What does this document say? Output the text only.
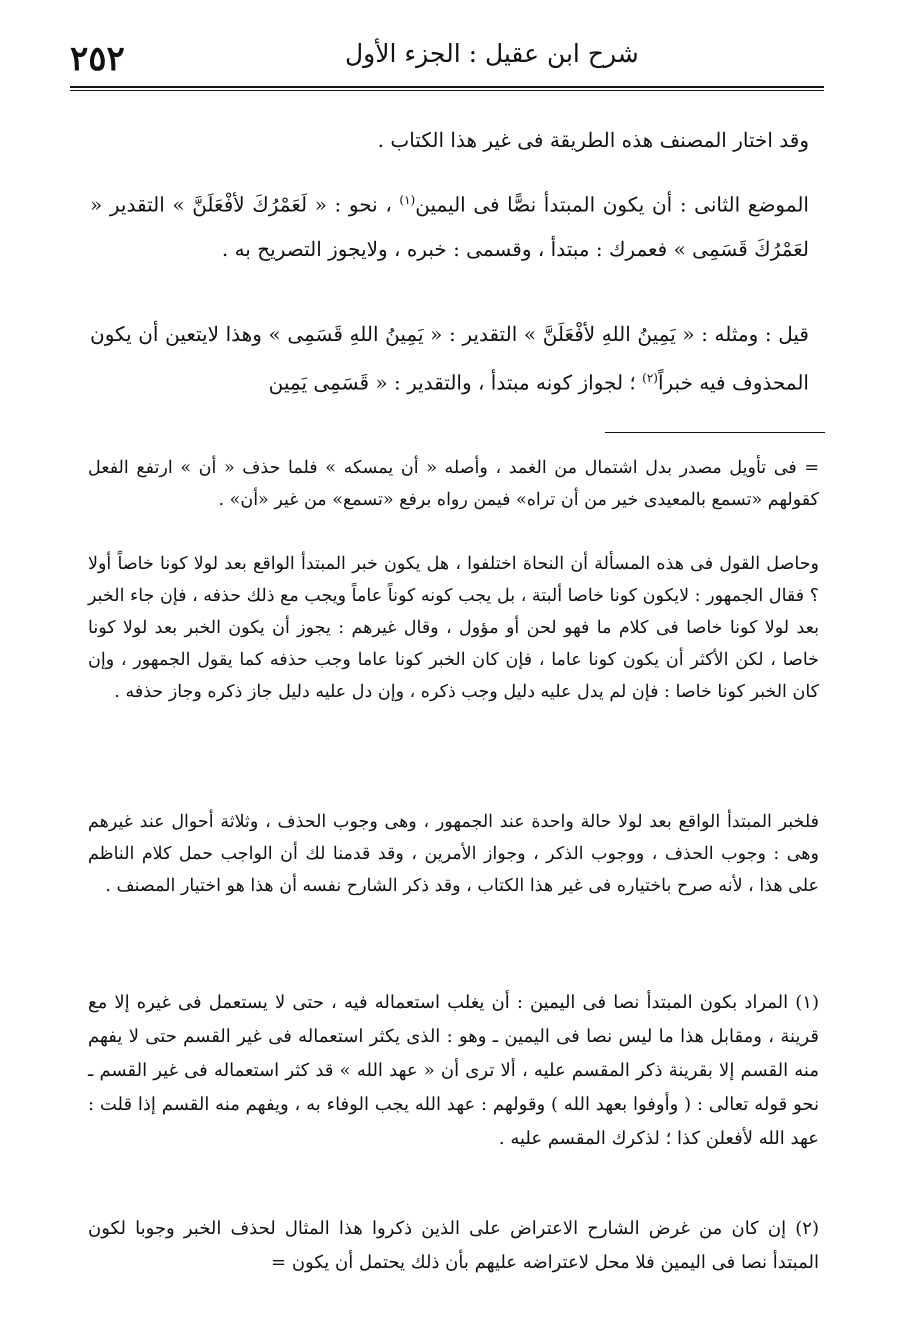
٢٥٢	شرح ابن عقيل : الجزء الأول
وقد اختار المصنف هذه الطريقة فى غير هذا الكتاب .
الموضع الثانى : أن يكون المبتدأ نصًّا فى اليمين$^{(١)}$ ، نحو : « لَعَمْرُكَ لأفْعَلَنَّ » التقدير « لعَمْرُكَ قَسَمِى » فعمرك : مبتدأ ، وقسمى : خبره ، ولايجوز التصريح به .
قيل : ومثله : « يَمِينُ اللهِ لأفْعَلَنَّ » التقدير : « يَمِينُ اللهِ قَسَمِى » وهذا لايتعين أن يكون المحذوف فيه خبراً$^{(٢)}$ ؛ لجواز كونه مبتدأ ، والتقدير : « قَسَمِى يَمِين
= فى تأويل مصدر بدل اشتمال من الغمد ، وأصله « أن يمسكه » فلما حذف « أن » ارتفع الفعل كقولهم «تسمع بالمعيدى خير من أن تراه» فيمن رواه برفع «تسمع» من غير «أن» .
وحاصل القول فى هذه المسألة أن النحاة اختلفوا ، هل يكون خبر المبتدأ الواقع بعد لولا كونا خاصاً أولا ؟ فقال الجمهور : لايكون كونا خاصا ألبتة ، بل يجب كونه كوناً عاماً ويجب مع ذلك حذفه ، فإن جاء الخبر بعد لولا كونا خاصا فى كلام ما فهو لحن أو مؤول ، وقال غيرهم : يجوز أن يكون الخبر بعد لولا كونا خاصا ، لكن الأكثر أن يكون كونا عاما ، فإن كان الخبر كونا عاما وجب حذفه كما يقول الجمهور ، وإن كان الخبر كونا خاصا : فإن لم يدل عليه دليل وجب ذكره ، وإن دل عليه دليل جاز ذكره وجاز حذفه .
فلخبر المبتدأ الواقع بعد لولا حالة واحدة عند الجمهور ، وهى وجوب الحذف ، وثلاثة أحوال عند غيرهم وهى : وجوب الحذف ، ووجوب الذكر ، وجواز الأمرين ، وقد قدمنا لك أن الواجب حمل كلام الناظم على هذا ، لأنه صرح باختياره فى غير هذا الكتاب ، وقد ذكر الشارح نفسه أن هذا هو اختيار المصنف .
(١) المراد بكون المبتدأ نصا فى اليمين : أن يغلب استعماله فيه ، حتى لا يستعمل فى غيره إلا مع قرينة ، ومقابل هذا ما ليس نصا فى اليمين ـ وهو : الذى يكثر استعماله فى غير القسم حتى لا يفهم منه القسم إلا بقرينة ذكر المقسم عليه ، ألا ترى أن « عهد الله » قد كثر استعماله فى غير القسم ـ نحو قوله تعالى : ( وأوفوا بعهد الله ) وقولهم : عهد الله يجب الوفاء به ، ويفهم منه القسم إذا قلت : عهد الله لأفعلن كذا ؛ لذكرك المقسم عليه .
(٢) إن كان من غرض الشارح الاعتراض على الذين ذكروا هذا المثال لحذف الخبر وجوبا لكون المبتدأ نصا فى اليمين فلا محل لاعتراضه عليهم بأن ذلك يحتمل أن يكون =
